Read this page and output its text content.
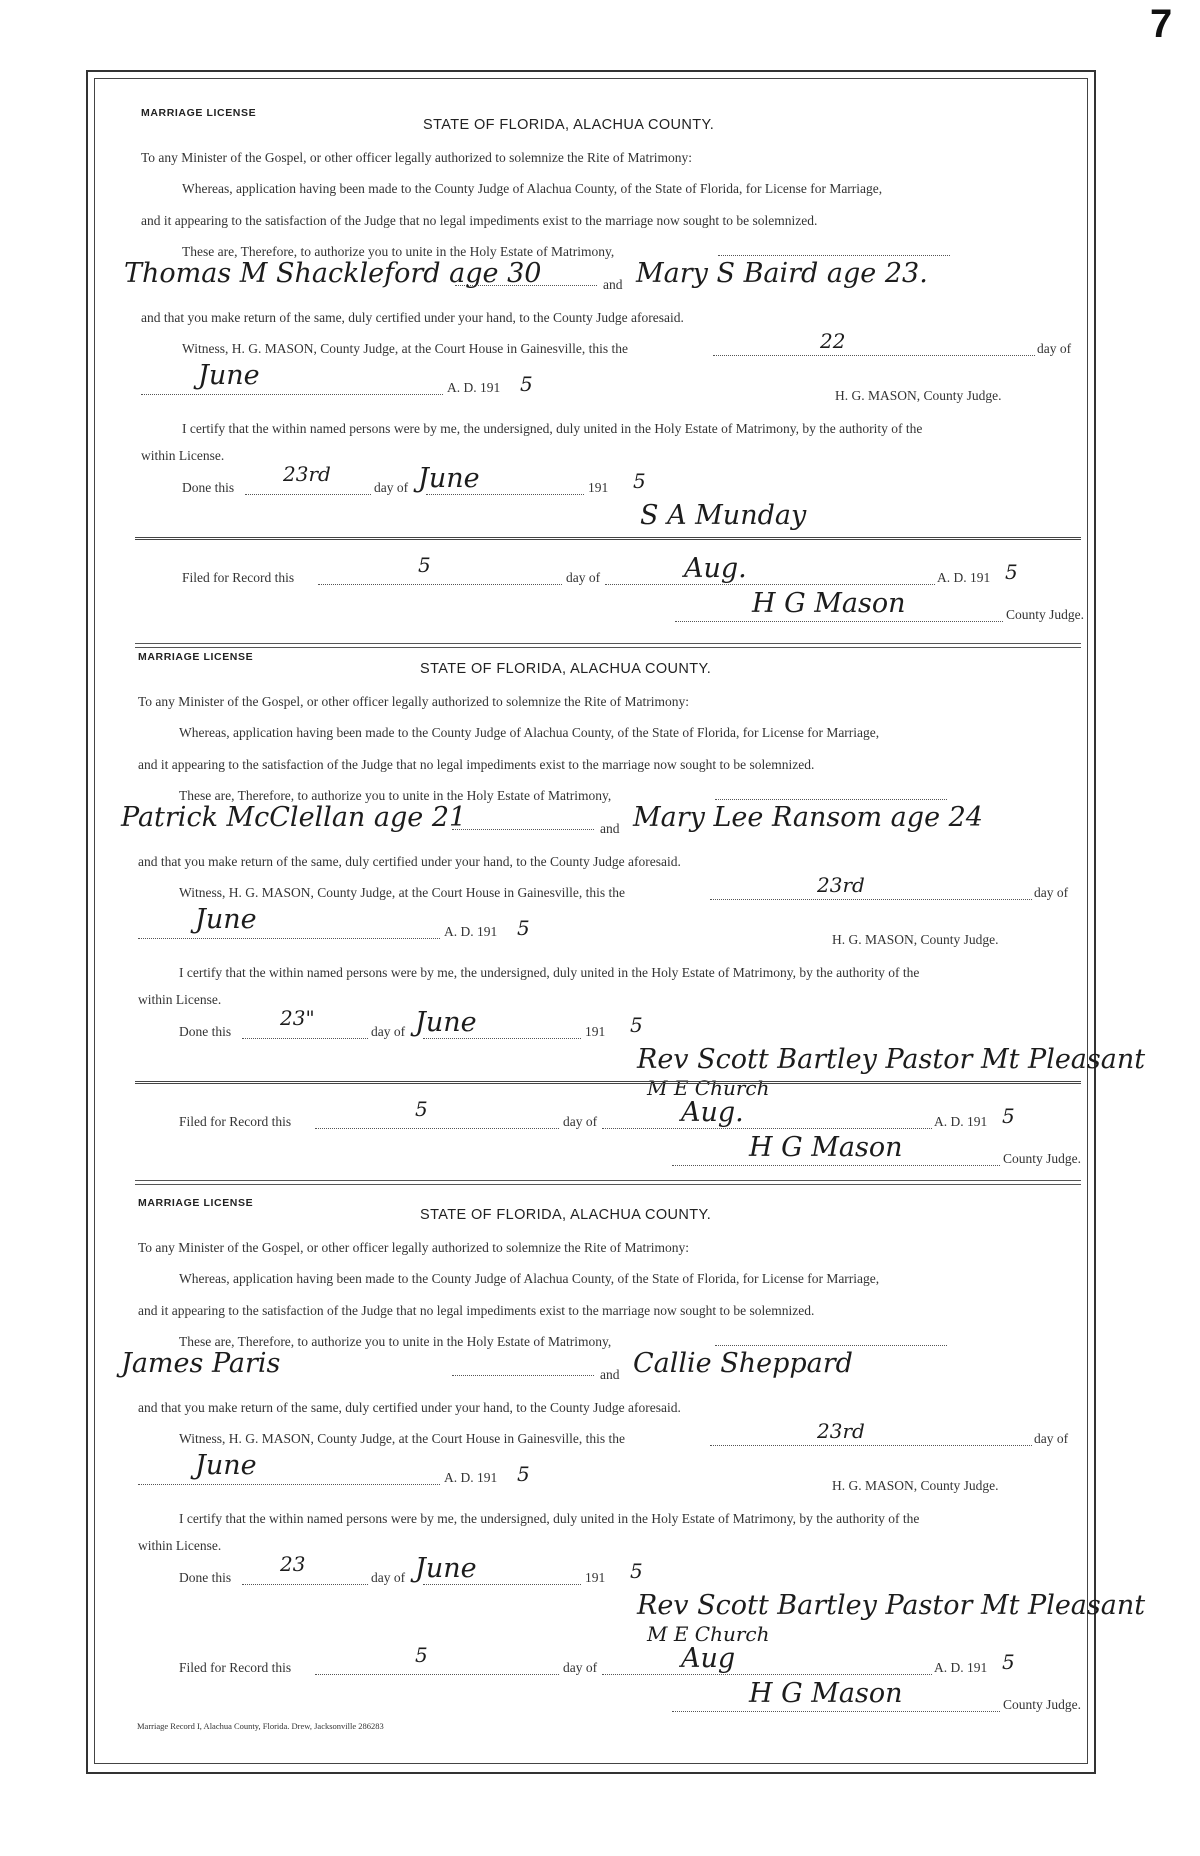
7
MARRIAGE LICENSE
STATE OF FLORIDA, ALACHUA COUNTY.
To any Minister of the Gospel, or other officer legally authorized to solemnize the Rite of Matrimony:
Whereas, application having been made to the County Judge of Alachua County, of the State of Florida, for License for Marriage,
and it appearing to the satisfaction of the Judge that no legal impediments exist to the marriage now sought to be solemnized.
These are, Therefore, to authorize you to unite in the Holy Estate of Matrimony,
and
and that you make return of the same, duly certified under your hand, to the County Judge aforesaid.
Witness, H. G. MASON, County Judge, at the Court House in Gainesville, this the	day of
A. D. 191
H. G. MASON, County Judge.
I certify that the within named persons were by me, the undersigned, duly united in the Holy Estate of Matrimony, by the authority of the
within License.
Done this	day of	191
Filed for Record this	day of	A. D. 191
County Judge.
Thomas M Shackleford age 30	Mary S Baird age 23.
22
June	5
23rd	June	5
S A Munday
5	Aug.	5
H G Mason
MARRIAGE LICENSE
STATE OF FLORIDA, ALACHUA COUNTY.
To any Minister of the Gospel, or other officer legally authorized to solemnize the Rite of Matrimony:
Whereas, application having been made to the County Judge of Alachua County, of the State of Florida, for License for Marriage,
and it appearing to the satisfaction of the Judge that no legal impediments exist to the marriage now sought to be solemnized.
These are, Therefore, to authorize you to unite in the Holy Estate of Matrimony,
and
and that you make return of the same, duly certified under your hand, to the County Judge aforesaid.
Witness, H. G. MASON, County Judge, at the Court House in Gainesville, this the	day of
A. D. 191
H. G. MASON, County Judge.
I certify that the within named persons were by me, the undersigned, duly united in the Holy Estate of Matrimony, by the authority of the
within License.
Done this	day of	191
Filed for Record this	day of	A. D. 191
County Judge.
Patrick McClellan age 21	Mary Lee Ransom age 24
23rd
June	5
23"	June	5
Rev Scott Bartley Pastor Mt Pleasant
M E Church
5	Aug.	5
H G Mason
MARRIAGE LICENSE
STATE OF FLORIDA, ALACHUA COUNTY.
To any Minister of the Gospel, or other officer legally authorized to solemnize the Rite of Matrimony:
Whereas, application having been made to the County Judge of Alachua County, of the State of Florida, for License for Marriage,
and it appearing to the satisfaction of the Judge that no legal impediments exist to the marriage now sought to be solemnized.
These are, Therefore, to authorize you to unite in the Holy Estate of Matrimony,
and
and that you make return of the same, duly certified under your hand, to the County Judge aforesaid.
Witness, H. G. MASON, County Judge, at the Court House in Gainesville, this the	day of
A. D. 191
H. G. MASON, County Judge.
I certify that the within named persons were by me, the undersigned, duly united in the Holy Estate of Matrimony, by the authority of the
within License.
Done this	day of	191
Filed for Record this	day of	A. D. 191
County Judge.
James Paris	Callie Sheppard
23rd
June	5
23	June	5
Rev Scott Bartley Pastor Mt Pleasant
M E Church
5	Aug	5
H G Mason
Marriage Record I, Alachua County, Florida. Drew, Jacksonville 286283
